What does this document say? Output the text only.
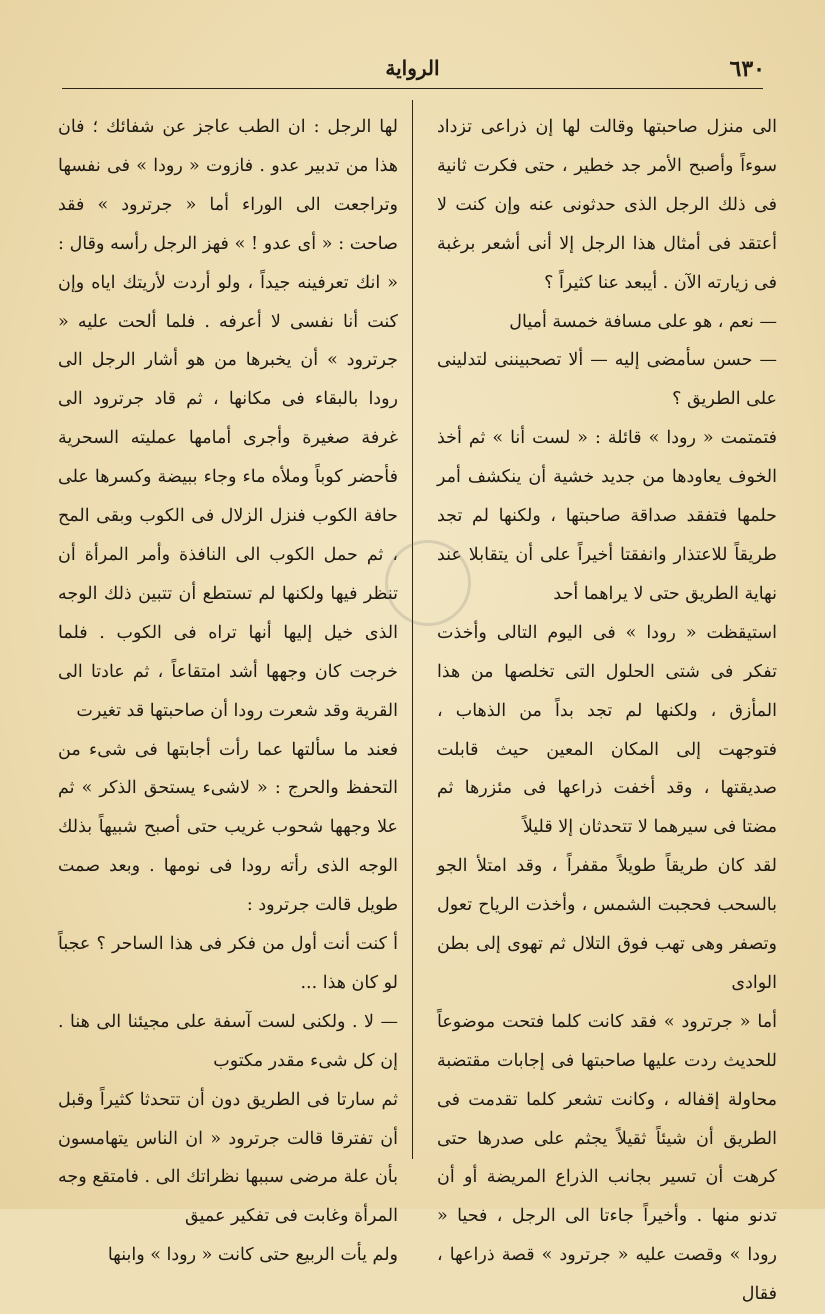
٦٣٠
الرواية

الى منزل صاحبتها وقالت لها إن ذراعى تزداد سوءاً وأصبح الأمر جد خطير ، حتى فكرت ثانية فى ذلك الرجل الذى حدثونى عنه وإن كنت لا أعتقد فى أمثال هذا الرجل إلا أنى أشعر برغبة فى زيارته الآن . أيبعد عنا كثيراً ؟

— نعم ، هو على مسافة خمسة أميال

— حسن سأمضى إليه — ألا تصحبيننى لتدلينى على الطريق ؟

فتمتمت « رودا » قائلة : « لست أنا » ثم أخذ الخوف يعاودها من جديد خشية أن ينكشف أمر حلمها فتفقد صداقة صاحبتها ، ولكنها لم تجد طريقاً للاعتذار وانفقتا أخيراً على أن يتقابلا عند نهاية الطريق حتى لا يراهما أحد

استيقظت « رودا » فى اليوم التالى وأخذت تفكر فى شتى الحلول التى تخلصها من هذا المأزق ، ولكنها لم تجد بداً من الذهاب ، فتوجهت إلى المكان المعين حيث قابلت صديقتها ، وقد أخفت ذراعها فى مئزرها ثم مضتا فى سيرهما لا تتحدثان إلا قليلاً

لقد كان طريقاً طويلاً مقفراً ، وقد امتلأ الجو بالسحب فحجبت الشمس ، وأخذت الرياح تعول وتصفر وهى تهب فوق التلال ثم تهوى إلى بطن الوادى

أما « جرترود » فقد كانت كلما فتحت موضوعاً للحديث ردت عليها صاحبتها فى إجابات مقتضبة محاولة إقفاله ، وكانت تشعر كلما تقدمت فى الطريق أن شيئاً ثقيلاً يجثم على صدرها حتى كرهت أن تسير بجانب الذراع المريضة أو أن تدنو منها . وأخيراً جاءتا الى الرجل ، فحيا « رودا » وقصت عليه « جرترود » قصة ذراعها ، فقال

لها الرجل : ان الطب عاجز عن شفائك ؛ فان هذا من تدبير عدو . فازوت « رودا » فى نفسها وتراجعت الى الوراء أما « جرترود » فقد صاحت : « أى عدو ! » فهز الرجل رأسه وقال : « انك تعرفينه جيداً ، ولو أردت لأريتك اياه وإن كنت أنا نفسى لا أعرفه . فلما ألحت عليه « جرترود » أن يخبرها من هو أشار الرجل الى رودا بالبقاء فى مكانها ، ثم قاد جرترود الى غرفة صغيرة وأجرى أمامها عمليته السحرية فأحضر كوباً وملأه ماء وجاء ببيضة وكسرها على حافة الكوب فنزل الزلال فى الكوب وبقى المح ، ثم حمل الكوب الى النافذة وأمر المرأة أن تنظر فيها ولكنها لم تستطع أن تتبين ذلك الوجه الذى خيل إليها أنها تراه فى الكوب . فلما خرجت كان وجهها أشد امتقاعاً ، ثم عادتا الى القرية وقد شعرت رودا أن صاحبتها قد تغيرت

فعند ما سألتها عما رأت أجابتها فى شىء من التحفظ والحرج : « لاشىء يستحق الذكر » ثم علا وجهها شحوب غريب حتى أصبح شبيهاً بذلك الوجه الذى رأته رودا فى نومها . وبعد صمت طويل قالت جرترود :

أ كنت أنت أول من فكر فى هذا الساحر ؟ عجباً لو كان هذا ...

— لا . ولكنى لست آسفة على مجيئنا الى هنا . إن كل شىء مقدر مكتوب

ثم سارتا فى الطريق دون أن تتحدثا كثيراً وقبل أن تفترقا قالت جرترود « ان الناس يتهامسون بأن علة مرضى سببها نظراتك الى . فامتقع وجه المرأة وغابت فى تفكير عميق

ولم يأت الربيع حتى كانت « رودا » وابنها
